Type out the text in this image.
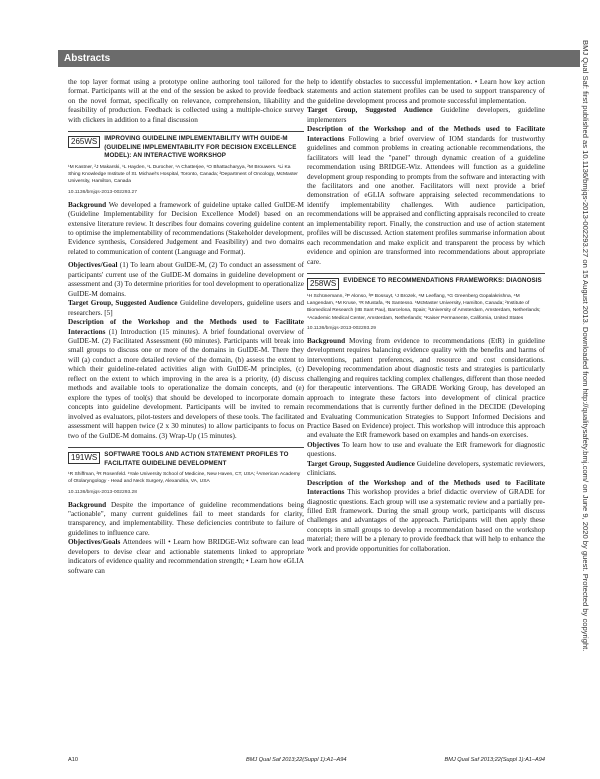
Abstracts

the top layer format using a prototype online authoring tool tailored for the format. Participants will at the end of the session be asked to provide feedback on the novel format, specifically on relevance, comprehension, likability and feasibility of production. Feedback is collected using a multiple-choice survey with clickers in addition to a final discussion

265WS	IMPROVING GUIDELINE IMPLEMENTABILITY WITH GUIDE-M (GUIDELINE IMPLEMENTABILITY FOR DECISION EXCELLENCE MODEL): AN INTERACTIVE WORKSHOP
¹M Kastner, ²J Makarski, ¹L Hayden, ¹L Durocher, ¹A Chatterjee, ¹O Bhattacharyya, ²M Brouwers. ¹Li Ka Shing Knowledge Institute of St. Michael's Hospital, Toronto, Canada; ²Department of Oncology, McMaster University, Hamilton, Canada
10.1136/bmjqs-2013-002293.27

Background We developed a framework of guideline uptake called GuIDE-M (Guideline Implementability for Decision Excellence Model) based on an extensive literature review. It describes four domains covering guideline content to optimise the implementability of recommendations (Stakeholder development, Evidence synthesis, Considered Judgement and Feasibility) and two domains related to communication of content (Language and Format).

Objectives/Goal (1) To learn about GuIDE-M, (2) To conduct an assessment of participants' current use of the GuIDE-M domains in guideline development or assessment and (3) To determine priorities for tool development to operationalize GuIDE-M domains.

Target Group, Suggested Audience Guideline developers, guideline users and researchers. [5]

Description of the Workshop and the Methods used to Facilitate Interactions (1) Introduction (15 minutes). A brief foundational overview of GuIDE-M. (2) Facilitated Assessment (60 minutes). Participants will break into small groups to discuss one or more of the domains in GuIDE-M. There they will (a) conduct a more detailed review of the domain, (b) assess the extent to which their guideline-related activities align with GuIDE-M principles, (c) reflect on the extent to which improving in the area is a priority, (d) discuss methods and available tools to operationalize the domain concepts, and (e) explore the types of tool(s) that should be developed to incorporate domain concepts into guideline development. Participants will be invited to remain involved as evaluators, pilot-testers and developers of these tools. The facilitated assessment will happen twice (2 x 30 minutes) to allow participants to focus on two of the GuIDE-M domains. (3) Wrap-Up (15 minutes).

191WS	SOFTWARE TOOLS AND ACTION STATEMENT PROFILES TO FACILITATE GUIDELINE DEVELOPMENT
¹R Shiffman, ²R Rosenfeld. ¹Yale University School of Medicine, New Haven, CT, USA; ²American Academy of Otolaryngology - Head and Neck Surgery, Alexandria, VA, USA
10.1136/bmjqs-2013-002293.28

Background Despite the importance of guideline recommendations being "actionable", many current guidelines fail to meet standards for clarity, transparency, and implementability. These deficiencies contribute to failure of guidelines to influence care.

Objectives/Goals Attendees will • Learn how BRIDGE-Wiz software can lead developers to devise clear and actionable statements linked to appropriate indicators of evidence quality and recommendation strength; • Learn how eGLIA software can

help to identify obstacles to successful implementation. • Learn how key action statements and action statement profiles can be used to support transparency of the guideline development process and promote successful implementation.

Target Group, Suggested Audience Guideline developers, guideline implementers

Description of the Workshop and of the Methods used to Facilitate Interactions Following a brief overview of IOM standards for trustworthy guidelines and common problems in creating actionable recommendations, the facilitators will lead the "panel" through dynamic creation of a guideline recommendation using BRIDGE-Wiz. Attendees will function as a guideline development group responding to prompts from the software and interacting with the facilitators and one another. Facilitators will next provide a brief demonstration of eGLIA software appraising selected recommendations to identify implementability challenges. With audience participation, recommendations will be appraised and conflicting appraisals reconciled to create an implementability report. Finally, the construction and use of action statement profiles will be discussed. Action statement profiles summarise information about each recommendation and make explicit and transparent the process by which evidence and opinion are transformed into recommendations about appropriate care.

258WS	EVIDENCE TO RECOMMENDATIONS FRAMEWORKS: DIAGNOSIS
¹H Schünemann, ²P Alonso, ³P Bossuyt, ¹J Brozek, ⁴M Leeflang, ⁵G Greenberg Gopalakrishna, ⁴M Langendam, ⁶M Kruse, ⁷R Mustafa, ¹N Santesso. ¹McMaster University, Hamilton, Canada; ²Institute of Biomedical Research (IIB Sant Pau), Barcelona, Spain; ³University of Amsterdam, Amsterdam, Netherlands; ⁴Academic Medical Center, Amsterdam, Netherlands; ⁵Kaiser Permanente, California, United States
10.1136/bmjqs-2013-002293.29

Background Moving from evidence to recommendations (EtR) in guideline development requires balancing evidence quality with the benefits and harms of interventions, patient preferences, and resource and cost considerations. Developing recommendation about diagnostic tests and strategies is particularly challenging and requires tackling complex challenges, different than those needed for therapeutic interventions. The GRADE Working Group, has developed an approach to integrate these factors into development of clinical practice recommendations that is currently further defined in the DECIDE (Developing and Evaluating Communication Strategies to Support Informed Decisions and Practice Based on Evidence) project. This workshop will introduce this approach and evaluate the EtR framework based on examples and hands-on exercises.

Objectives To learn how to use and evaluate the EtR framework for diagnostic questions.

Target Group, Suggested Audience Guideline developers, systematic reviewers, clinicians.

Description of the Workshop and of the Methods used to Facilitate Interactions This workshop provides a brief didactic overview of GRADE for diagnostic questions. Each group will use a systematic review and a partially pre-filled EtR framework. During the small group work, participants will discuss challenges and advantages of the approach. Participants will then apply these concepts in small groups to develop a recommendation based on the workshop material; there will be a plenary to provide feedback that will help to enhance the work and provide opportunities for collaboration.

A10	BMJ Qual Saf 2013;22(Suppl 1):A1–A94	BMJ Qual Saf 2013;22(Suppl 1):A1–A94
BMJ Qual Saf: first published as 10.1136/bmjqs-2013-002293.27 on 15 August 2013. Downloaded from http://qualitysafety.bmj.com/ on June 9, 2020 by guest. Protected by copyright.
